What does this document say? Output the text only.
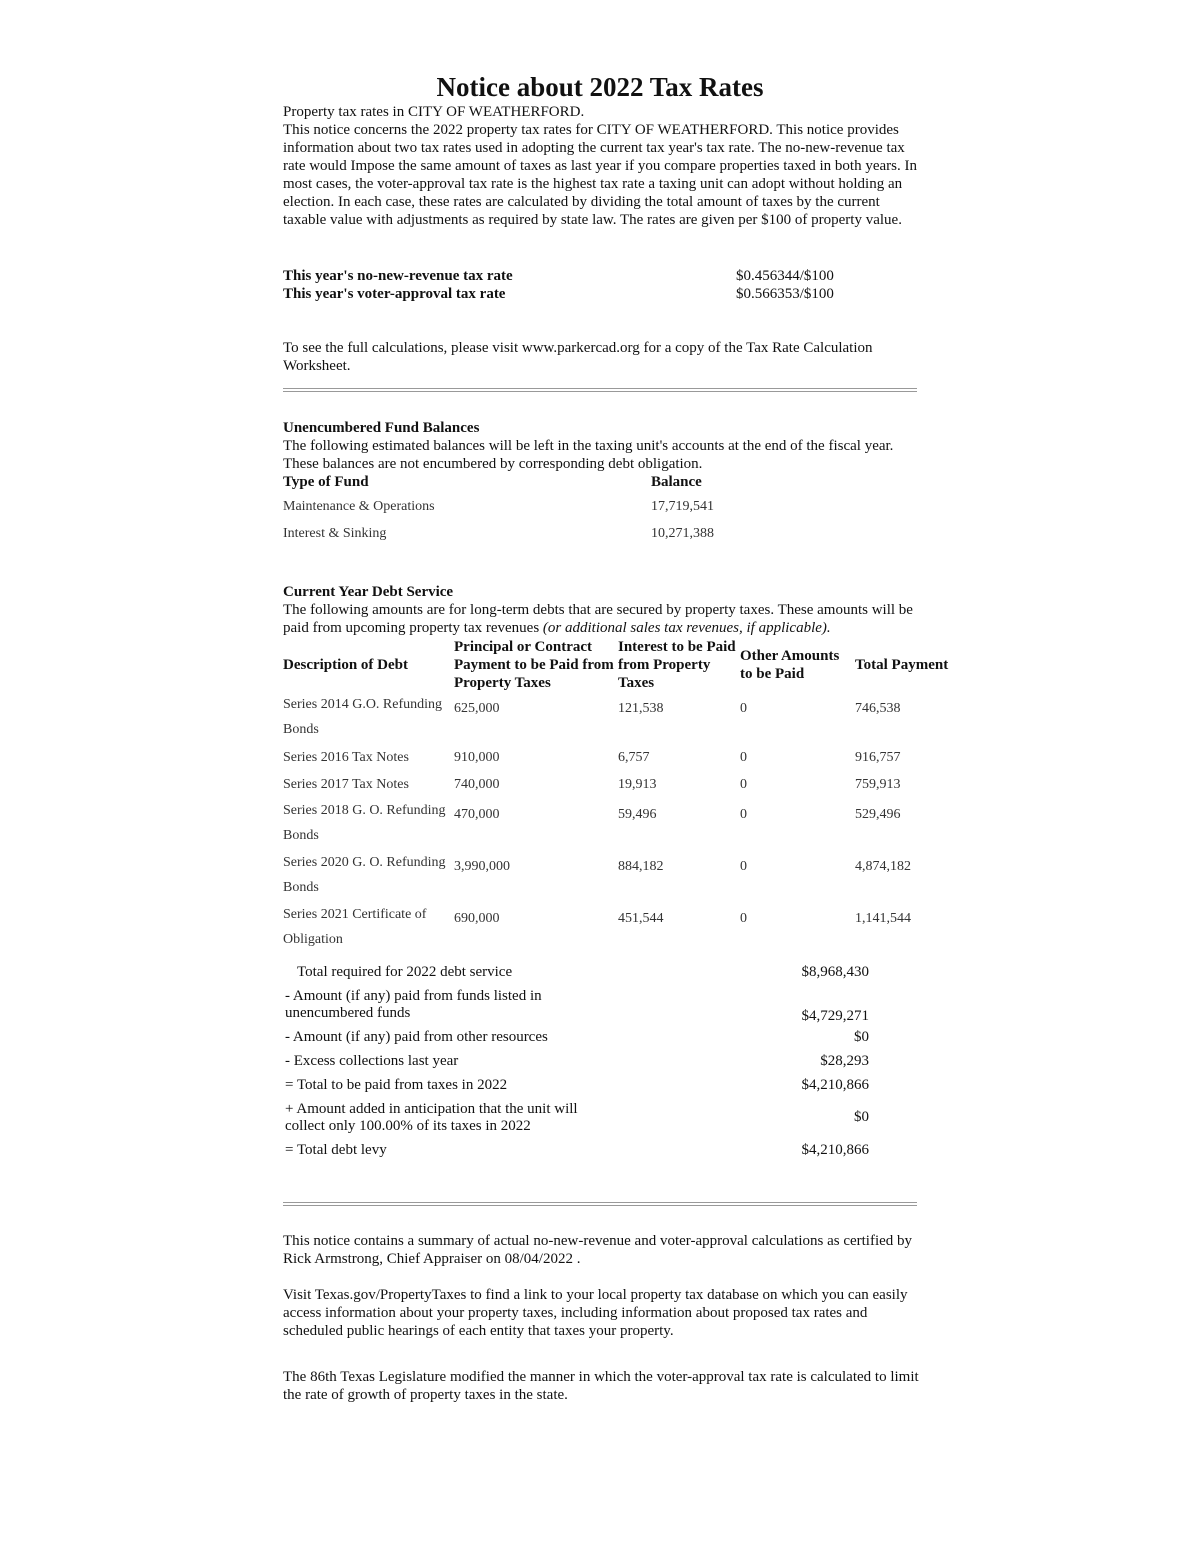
Notice about 2022 Tax Rates

Property tax rates in CITY OF WEATHERFORD.

This notice concerns the 2022 property tax rates for CITY OF WEATHERFORD. This notice provides information about two tax rates used in adopting the current tax year's tax rate. The no-new-revenue tax rate would Impose the same amount of taxes as last year if you compare properties taxed in both years. In most cases, the voter-approval tax rate is the highest tax rate a taxing unit can adopt without holding an election. In each case, these rates are calculated by dividing the total amount of taxes by the current taxable value with adjustments as required by state law. The rates are given per $100 of property value.

This year's no-new-revenue tax rate	$0.456344/$100
This year's voter-approval tax rate	$0.566353/$100

To see the full calculations, please visit www.parkercad.org for a copy of the Tax Rate Calculation Worksheet.

Unencumbered Fund Balances

The following estimated balances will be left in the taxing unit's accounts at the end of the fiscal year. These balances are not encumbered by corresponding debt obligation.

Type of Fund	Balance
Maintenance & Operations	17,719,541
Interest & Sinking	10,271,388

Current Year Debt Service

The following amounts are for long-term debts that are secured by property taxes. These amounts will be paid from upcoming property tax revenues (or additional sales tax revenues, if applicable).

Description of Debt	Principal or Contract Payment to be Paid from Property Taxes	Interest to be Paid from Property Taxes	Other Amounts to be Paid	Total Payment
Series 2014 G.O. Refunding Bonds	625,000	121,538	0	746,538
Series 2016 Tax Notes	910,000	6,757	0	916,757
Series 2017 Tax Notes	740,000	19,913	0	759,913
Series 2018 G. O. Refunding Bonds	470,000	59,496	0	529,496
Series 2020 G. O. Refunding Bonds	3,990,000	884,182	0	4,874,182
Series 2021 Certificate of Obligation	690,000	451,544	0	1,141,544
Total required for 2022 debt service	$8,968,430
- Amount (if any) paid from funds listed in unencumbered funds	$4,729,271
- Amount (if any) paid from other resources	$0
- Excess collections last year	$28,293
= Total to be paid from taxes in 2022	$4,210,866
+ Amount added in anticipation that the unit will collect only 100.00% of its taxes in 2022	$0
= Total debt levy	$4,210,866

This notice contains a summary of actual no-new-revenue and voter-approval calculations as certified by Rick Armstrong, Chief Appraiser on 08/04/2022 .

Visit Texas.gov/PropertyTaxes to find a link to your local property tax database on which you can easily access information about your property taxes, including information about proposed tax rates and scheduled public hearings of each entity that taxes your property.

The 86th Texas Legislature modified the manner in which the voter-approval tax rate is calculated to limit the rate of growth of property taxes in the state.
